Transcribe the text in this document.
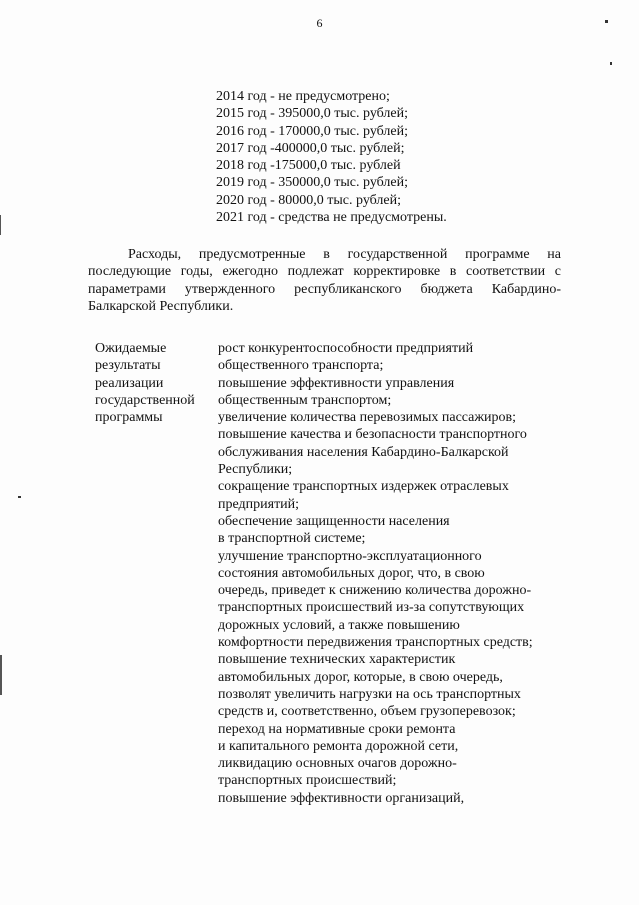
6
2014 год - не предусмотрено;
2015 год - 395000,0 тыс. рублей;
2016 год - 170000,0 тыс. рублей;
2017 год -400000,0 тыс. рублей;
2018 год -175000,0 тыс. рублей
2019 год - 350000,0 тыс. рублей;
2020 год - 80000,0 тыс. рублей;
2021 год - средства не предусмотрены.
Расходы, предусмотренные в государственной программе на последующие годы, ежегодно подлежат корректировке в соответствии с параметрами утвержденного республиканского бюджета Кабардино-Балкарской Республики.
Ожидаемые
результаты
реализации
государственной
программы
рост конкурентоспособности предприятий
общественного транспорта;
повышение эффективности управления
общественным транспортом;
увеличение количества перевозимых пассажиров;
повышение качества и безопасности транспортного
обслуживания населения Кабардино-Балкарской
Республики;
сокращение транспортных издержек отраслевых
предприятий;
обеспечение защищенности населения
в транспортной системе;
улучшение транспортно-эксплуатационного
состояния автомобильных дорог, что, в свою
очередь, приведет к снижению количества дорожно-
транспортных происшествий из-за сопутствующих
дорожных условий, а также повышению
комфортности передвижения транспортных средств;
повышение технических характеристик
автомобильных дорог, которые, в свою очередь,
позволят увеличить нагрузки на ось транспортных
средств и, соответственно, объем грузоперевозок;
переход на нормативные сроки ремонта
и капитального ремонта дорожной сети,
ликвидацию основных очагов дорожно-
транспортных происшествий;
повышение эффективности организаций,
